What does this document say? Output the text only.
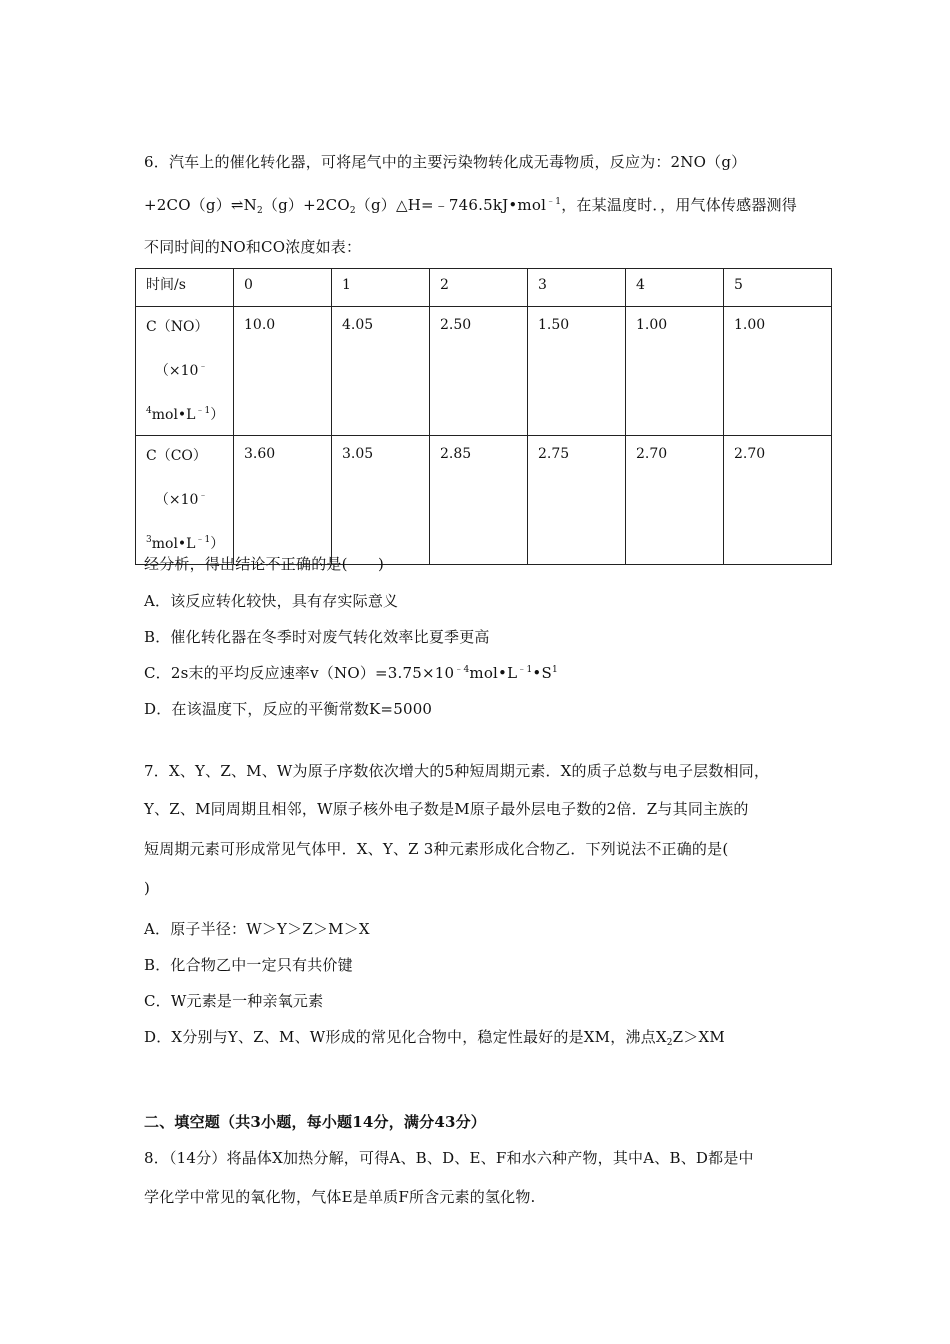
6．汽车上的催化转化器，可将尾气中的主要污染物转化成无毒物质，反应为：2NO（g）
$+2CO(g)\rightleftharpoons N_2(g)+2CO_2(g)\triangle H=﹣746.5kJ•mol^{﹣1}$，在某温度时．，用气体传感器测得
不同时间的NO和CO浓度如表：
时间/s	0	1	2	3	4	5

C（NO）
（×10﹣
$^4mol•L^{﹣1}$）	10.0	4.05	2.50	1.50	1.00	1.00

C（CO）
（×10﹣
$^3mol•L^{﹣1}$）	3.60	3.05	2.85	2.75	2.70	2.70
经分析，得出结论不正确的是(　　)
A．该反应转化较快，具有存实际意义
B．催化转化器在冬季时对废气转化效率比夏季更高
C．2s末的平均反应速率$v(NO)=3.75\times 10^{﹣4}mol•L^{﹣1}•S^1$
D．在该温度下，反应的平衡常数K=5000
7．X、Y、Z、M、W为原子序数依次增大的5种短周期元素．X的质子总数与电子层数相同，
Y、Z、M同周期且相邻，W原子核外电子数是M原子最外层电子数的2倍．Z与其同主族的
短周期元素可形成常见气体甲．X、Y、Z 3种元素形成化合物乙．下列说法不正确的是(
)
A．原子半径：W＞Y＞Z＞M＞X
B．化合物乙中一定只有共价键
C．W元素是一种亲氧元素
D．X分别与Y、Z、M、W形成的常见化合物中，稳定性最好的是XM，沸点$X_2Z>XM$
二、填空题（共3小题，每小题14分，满分43分）
8．（14分）将晶体X加热分解，可得A、B、D、E、F和水六种产物，其中A、B、D都是中
学化学中常见的氧化物，气体E是单质F所含元素的氢化物.
